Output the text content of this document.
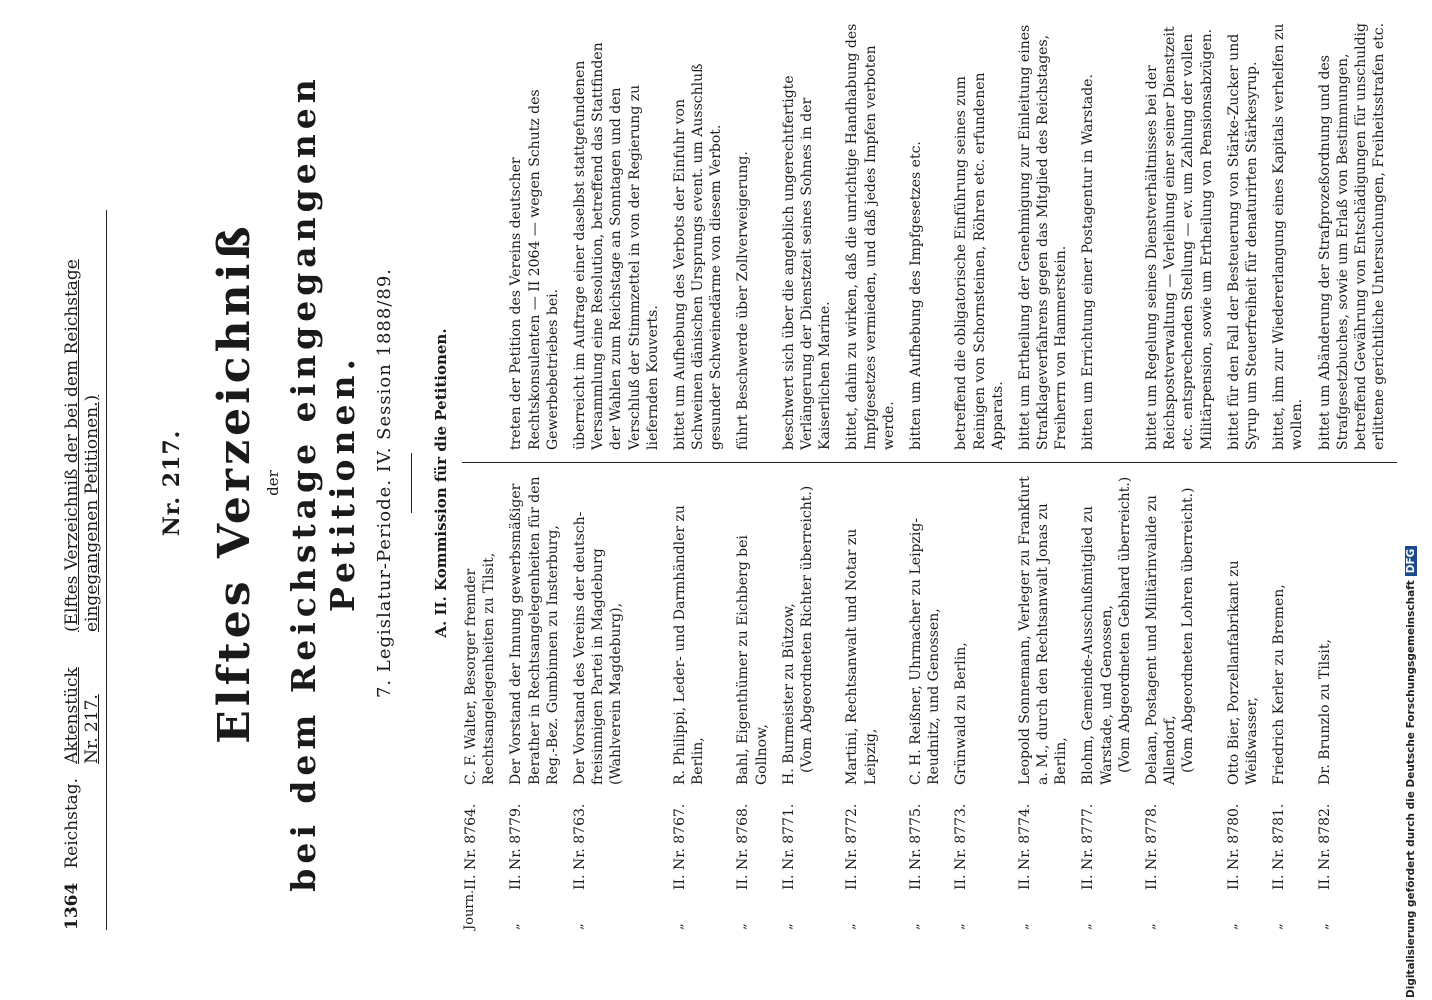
1364
Reichstag.
Aktenstück Nr. 217.
(Elftes Verzeichniß der bei dem Reichstage eingegangenen Petitionen.)	Nr. 217. Elftes Verzeichniß der bei dem Reichstage eingegangenen Petitionen. 7. Legislatur-Periode. IV. Session 1888/89. A. II. Kommission für die Petitionen.
Journ.	II. Nr. 8764.	C. F. Walter, Besorger fremder Rechtsangelegenheiten zu Tilsit,

„	II. Nr. 8779.	Der Vorstand der Innung gewerbsmäßiger Berather in Rechtsangelegenheiten für den Reg.-Bez. Gumbinnen zu Insterburg,	treten der Petition des Vereins deutscher Rechtskonsulenten — II 2064 — wegen Schutz des Gewerbebetriebes bei.
„	II. Nr. 8763.	Der Vorstand des Vereins der deutsch-freisinnigen Partei in Magdeburg (Wahlverein Magdeburg),	überreicht im Auftrage einer daselbst stattgefundenen Versammlung eine Resolution, betreffend das Stattfinden der Wahlen zum Reichstage an Sonntagen und den Verschluß der Stimmzettel in von der Regierung zu liefernden Kouverts.
„	II. Nr. 8767.	R. Philippi, Leder- und Darmhändler zu Berlin,	bittet um Aufhebung des Verbots der Einfuhr von Schweinen dänischen Ursprungs event. um Ausschluß gesunder Schweinedärme von diesem Verbot.
„	II. Nr. 8768.	Bahl, Eigenthümer zu Eichberg bei Gollnow,	führt Beschwerde über Zollverweigerung.
„	II. Nr. 8771.	H. Burmeister zu Bützow, (Vom Abgeordneten Richter überreicht.)	beschwert sich über die angeblich ungerechtfertigte Verlängerung der Dienstzeit seines Sohnes in der Kaiserlichen Marine.
„	II. Nr. 8772.	Martini, Rechtsanwalt und Notar zu Leipzig,	bittet, dahin zu wirken, daß die unrichtige Handhabung des Impfgesetzes vermieden, und daß jedes Impfen verboten werde.
„	II. Nr. 8775.	C. H. Reißner, Uhrmacher zu Leipzig-Reudnitz, und Genossen,	bitten um Aufhebung des Impfgesetzes etc.
„	II. Nr. 8773.	Grünwald zu Berlin,	betreffend die obligatorische Einführung seines zum Reinigen von Schornsteinen, Röhren etc. erfundenen Apparats.
„	II. Nr. 8774.	Leopold Sonnemann, Verleger zu Frankfurt a. M., durch den Rechtsanwalt Jonas zu Berlin,	bittet um Ertheilung der Genehmigung zur Einleitung eines Strafklageverfahrens gegen das Mitglied des Reichstages, Freiherrn von Hammerstein.
„	II. Nr. 8777.	Blohm, Gemeinde-Ausschußmitglied zu Warstade, und Genossen, (Vom Abgeordneten Gebhard überreicht.)	bitten um Errichtung einer Postagentur in Warstade.
„	II. Nr. 8778.	Delaan, Postagent und Militärinvalide zu Allendorf, (Vom Abgeordneten Lohren überreicht.)	bittet um Regelung seines Dienstverhältnisses bei der Reichspostverwaltung — Verleihung einer seiner Dienstzeit etc. entsprechenden Stellung — ev. um Zahlung der vollen Militärpension, sowie um Ertheilung von Pensionsabzügen.
„	II. Nr. 8780.	Otto Bier, Porzellanfabrikant zu Weißwasser,	bittet für den Fall der Besteuerung von Stärke-Zucker und Syrup um Steuerfreiheit für denaturirten Stärkesyrup.
„	II. Nr. 8781.	Friedrich Kerler zu Bremen,	bittet, ihm zur Wiedererlangung eines Kapitals verhelfen zu wollen.
„	II. Nr. 8782.	Dr. Brunzlo zu Tilsit,	bittet um Abänderung der Strafprozeßordnung und des Strafgesetzbuches, sowie um Erlaß von Bestimmungen, betreffend Gewährung von Entschädigungen für unschuldig erlittene gerichtliche Untersuchungen, Freiheitsstrafen etc.
Digitalisierung gefördert durch die Deutsche ForschungsgemeinschaftDFG
